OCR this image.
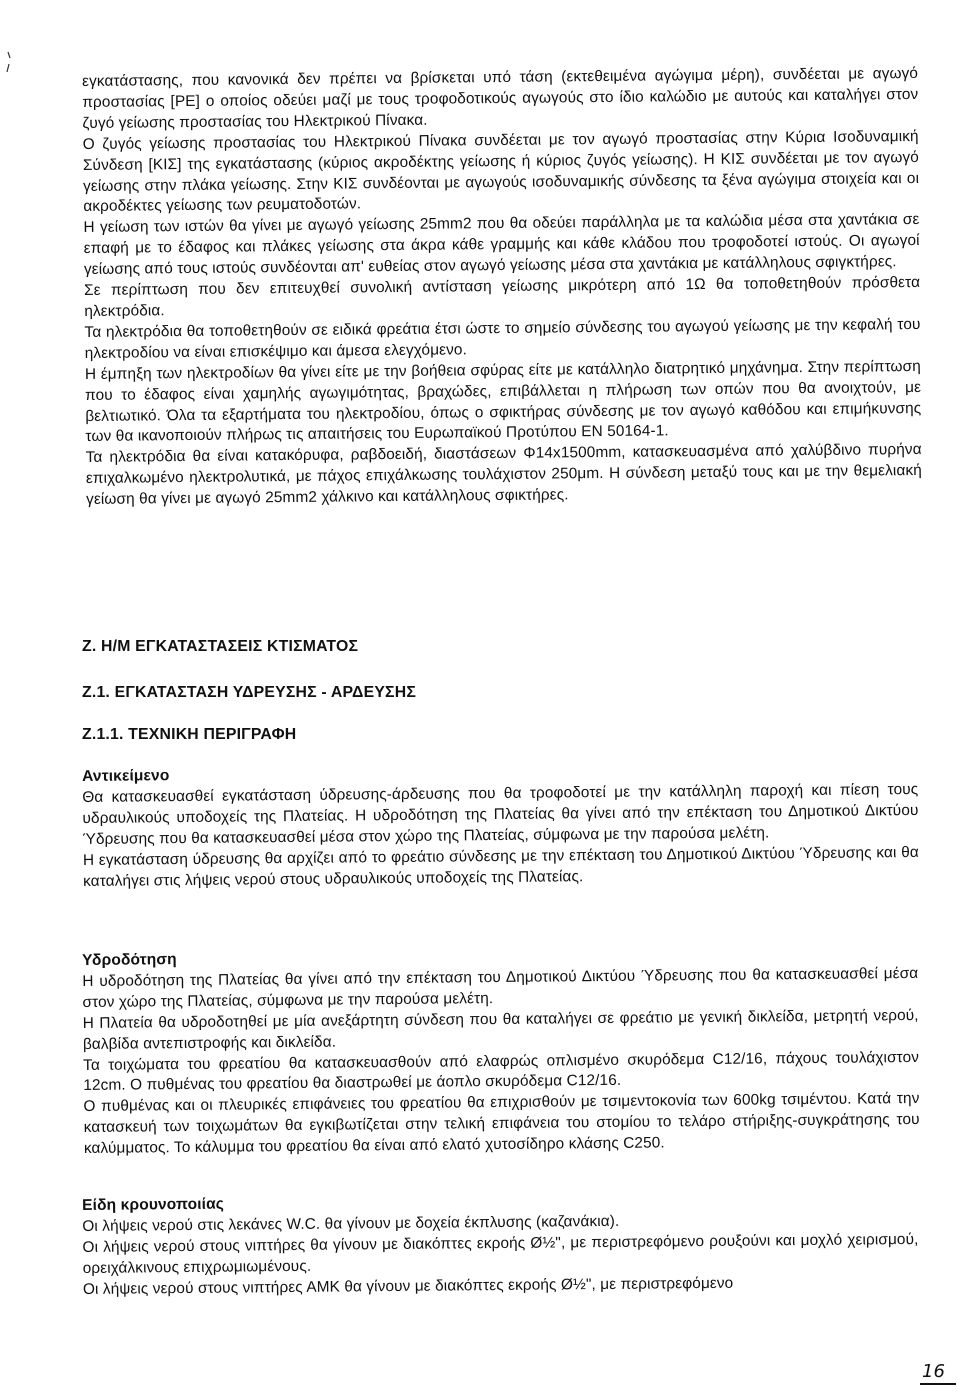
εγκατάστασης, που κανονικά δεν πρέπει να βρίσκεται υπό τάση (εκτεθειμένα αγώγιμα μέρη), συνδέεται με αγωγό προστασίας [PE] ο οποίος οδεύει μαζί με τους τροφοδοτικούς αγωγούς στο ίδιο καλώδιο με αυτούς και καταλήγει στον ζυγό γείωσης προστασίας του Ηλεκτρικού Πίνακα.

Ο ζυγός γείωσης προστασίας του Ηλεκτρικού Πίνακα συνδέεται με τον αγωγό προστασίας στην Κύρια Ισοδυναμική Σύνδεση [ΚΙΣ] της εγκατάστασης (κύριος ακροδέκτης γείωσης ή κύριος ζυγός γείωσης). Η ΚΙΣ συνδέεται με τον αγωγό γείωσης στην πλάκα γείωσης. Στην ΚΙΣ συνδέονται με αγωγούς ισοδυναμικής σύνδεσης τα ξένα αγώγιμα στοιχεία και οι ακροδέκτες γείωσης των ρευματοδοτών.

Η γείωση των ιστών θα γίνει με αγωγό γείωσης 25mm2 που θα οδεύει παράλληλα με τα καλώδια μέσα στα χαντάκια σε επαφή με το έδαφος και πλάκες γείωσης στα άκρα κάθε γραμμής και κάθε κλάδου που τροφοδοτεί ιστούς. Οι αγωγοί γείωσης από τους ιστούς συνδέονται απ' ευθείας στον αγωγό γείωσης μέσα στα χαντάκια με κατάλληλους σφιγκτήρες.

Σε περίπτωση που δεν επιτευχθεί συνολική αντίσταση γείωσης μικρότερη από 1Ω θα τοποθετηθούν πρόσθετα ηλεκτρόδια.

Τα ηλεκτρόδια θα τοποθετηθούν σε ειδικά φρεάτια έτσι ώστε το σημείο σύνδεσης του αγωγού γείωσης με την κεφαλή του ηλεκτροδίου να είναι επισκέψιμο και άμεσα ελεγχόμενο.

Η έμπηξη των ηλεκτροδίων θα γίνει είτε με την βοήθεια σφύρας είτε με κατάλληλο διατρητικό μηχάνημα. Στην περίπτωση που το έδαφος είναι χαμηλής αγωγιμότητας, βραχώδες, επιβάλλεται η πλήρωση των οπών που θα ανοιχτούν, με βελτιωτικό. Όλα τα εξαρτήματα του ηλεκτροδίου, όπως ο σφικτήρας σύνδεσης με τον αγωγό καθόδου και επιμήκυνσης των θα ικανοποιούν πλήρως τις απαιτήσεις του Ευρωπαϊκού Προτύπου ΕΝ 50164-1.

Τα ηλεκτρόδια θα είναι κατακόρυφα, ραβδοειδή, διαστάσεων Φ14x1500mm, κατασκευασμένα από χαλύβδινο πυρήνα επιχαλκωμένο ηλεκτρολυτικά, με πάχος επιχάλκωσης τουλάχιστον 250μm. Η σύνδεση μεταξύ τους και με την θεμελιακή γείωση θα γίνει με αγωγό 25mm2 χάλκινο και κατάλληλους σφικτήρες.

Ζ. Η/Μ ΕΓΚΑΤΑΣΤΑΣΕΙΣ ΚΤΙΣΜΑΤΟΣ
Ζ.1. ΕΓΚΑΤΑΣΤΑΣΗ ΥΔΡΕΥΣΗΣ - ΑΡΔΕΥΣΗΣ
Ζ.1.1. ΤΕΧΝΙΚΗ ΠΕΡΙΓΡΑΦΗ
Αντικείμενο

Θα κατασκευασθεί εγκατάσταση ύδρευσης-άρδευσης που θα τροφοδοτεί με την κατάλληλη παροχή και πίεση τους υδραυλικούς υποδοχείς της Πλατείας. Η υδροδότηση της Πλατείας θα γίνει από την επέκταση του Δημοτικού Δικτύου Ύδρευσης που θα κατασκευασθεί μέσα στον χώρο της Πλατείας, σύμφωνα με την παρούσα μελέτη.

Η εγκατάσταση ύδρευσης θα αρχίζει από το φρεάτιο σύνδεσης με την επέκταση του Δημοτικού Δικτύου Ύδρευσης και θα καταλήγει στις λήψεις νερού στους υδραυλικούς υποδοχείς της Πλατείας.

Υδροδότηση

Η υδροδότηση της Πλατείας θα γίνει από την επέκταση του Δημοτικού Δικτύου Ύδρευσης που θα κατασκευασθεί μέσα στον χώρο της Πλατείας, σύμφωνα με την παρούσα μελέτη.

Η Πλατεία θα υδροδοτηθεί με μία ανεξάρτητη σύνδεση που θα καταλήγει σε φρεάτιο με γενική δικλείδα, μετρητή νερού, βαλβίδα αντεπιστροφής και δικλείδα.

Τα τοιχώματα του φρεατίου θα κατασκευασθούν από ελαφρώς οπλισμένο σκυρόδεμα C12/16, πάχους τουλάχιστον 12cm. Ο πυθμένας του φρεατίου θα διαστρωθεί με άοπλο σκυρόδεμα C12/16.

Ο πυθμένας και οι πλευρικές επιφάνειες του φρεατίου θα επιχρισθούν με τσιμεντοκονία των 600kg τσιμέντου. Κατά την κατασκευή των τοιχωμάτων θα εγκιβωτίζεται στην τελική επιφάνεια του στομίου το τελάρο στήριξης-συγκράτησης του καλύμματος. Το κάλυμμα του φρεατίου θα είναι από ελατό χυτοσίδηρο κλάσης C250.

Είδη κρουνοποιίας

Οι λήψεις νερού στις λεκάνες W.C. θα γίνουν με δοχεία έκπλυσης (καζανάκια).

Οι λήψεις νερού στους νιπτήρες θα γίνουν με διακόπτες εκροής Ø½", με περιστρεφόμενο ρουξούνι και μοχλό χειρισμού, ορειχάλκινους επιχρωμιωμένους.

Οι λήψεις νερού στους νιπτήρες ΑΜΚ θα γίνουν με διακόπτες εκροής Ø½", με περιστρεφόμενο

16
